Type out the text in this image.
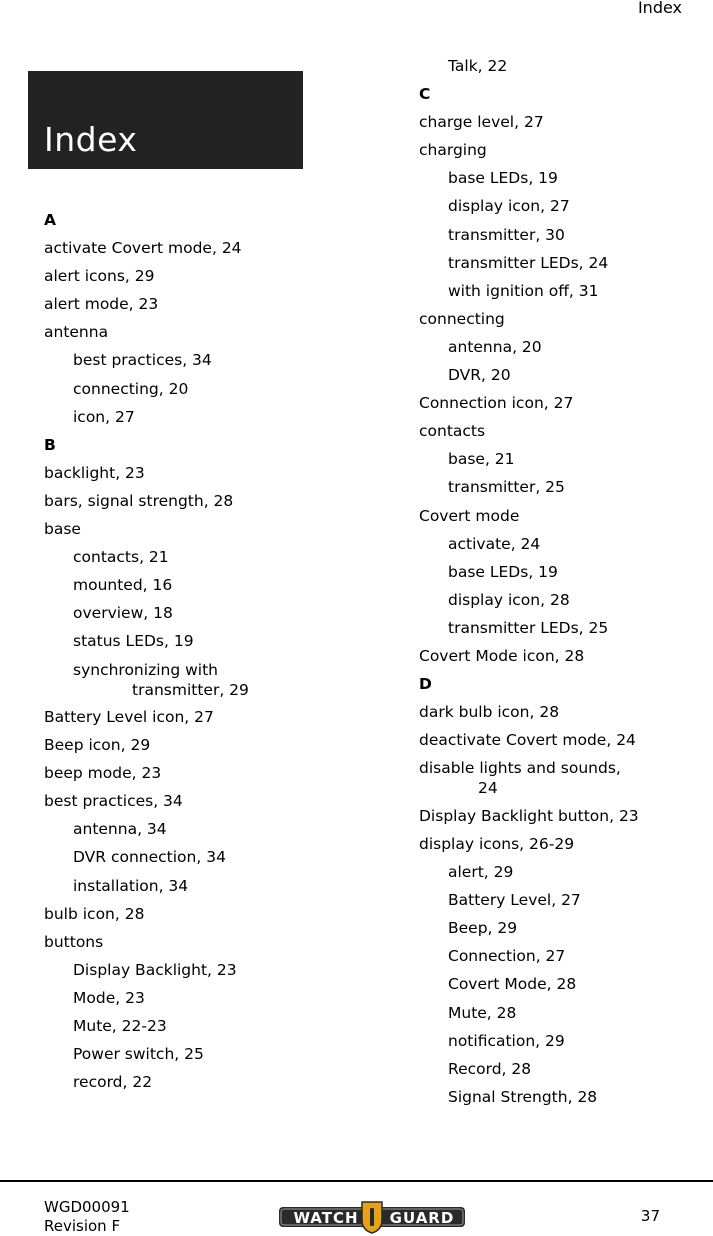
Index
Index
A
activate Covert mode, 24
alert icons, 29
alert mode, 23
antenna
best practices, 34
connecting, 20
icon, 27
B
backlight, 23
bars, signal strength, 28
base
contacts, 21
mounted, 16
overview, 18
status LEDs, 19
synchronizing with
transmitter, 29
Battery Level icon, 27
Beep icon, 29
beep mode, 23
best practices, 34
antenna, 34
DVR connection, 34
installation, 34
bulb icon, 28
buttons
Display Backlight, 23
Mode, 23
Mute, 22-23
Power switch, 25
record, 22
Talk, 22
C
charge level, 27
charging
base LEDs, 19
display icon, 27
transmitter, 30
transmitter LEDs, 24
with ignition off, 31
connecting
antenna, 20
DVR, 20
Connection icon, 27
contacts
base, 21
transmitter, 25
Covert mode
activate, 24
base LEDs, 19
display icon, 28
transmitter LEDs, 25
Covert Mode icon, 28
D
dark bulb icon, 28
deactivate Covert mode, 24
disable lights and sounds,
24
Display Backlight button, 23
display icons, 26-29
alert, 29
Battery Level, 27
Beep, 29
Connection, 27
Covert Mode, 28
Mute, 28
notification, 29
Record, 28
Signal Strength, 28
WGD00091
Revision F	WATCH GUARD	37
